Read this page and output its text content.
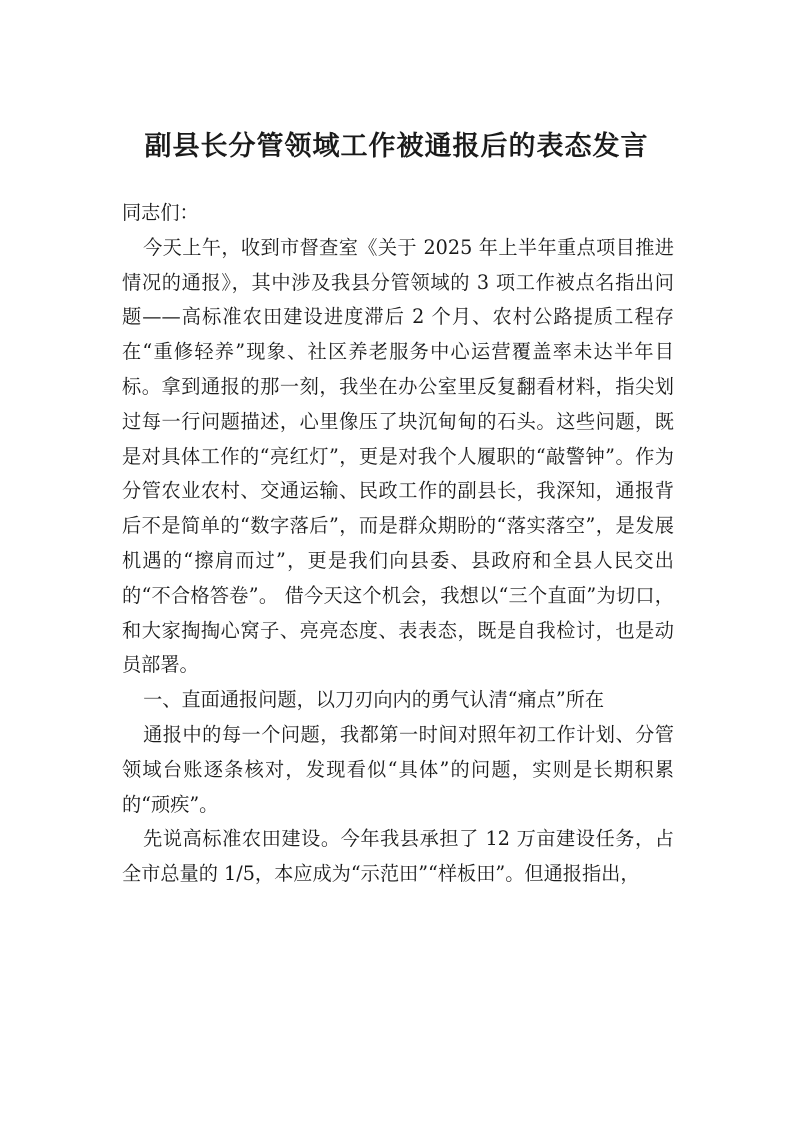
副县长分管领域工作被通报后的表态发言

同志们：

今天上午，收到市督查室《关于 2025 年上半年重点项目推进情况的通报》，其中涉及我县分管领域的 3 项工作被点名指出问题——高标准农田建设进度滞后 2 个月、农村公路提质工程存在“重修轻养”现象、社区养老服务中心运营覆盖率未达半年目标。拿到通报的那一刻，我坐在办公室里反复翻看材料，指尖划过每一行问题描述，心里像压了块沉甸甸的石头。这些问题，既是对具体工作的“亮红灯”，更是对我个人履职的“敲警钟”。作为分管农业农村、交通运输、民政工作的副县长，我深知，通报背后不是简单的“数字落后”，而是群众期盼的“落实落空”，是发展机遇的“擦肩而过”，更是我们向县委、县政府和全县人民交出的“不合格答卷”。 借今天这个机会，我想以“三个直面”为切口，和大家掏掏心窝子、亮亮态度、表表态，既是自我检讨，也是动员部署。

一、直面通报问题，以刀刃向内的勇气认清“痛点”所在

通报中的每一个问题，我都第一时间对照年初工作计划、分管领域台账逐条核对，发现看似“具体”的问题，实则是长期积累的“顽疾”。

先说高标准农田建设。今年我县承担了 12 万亩建设任务，占全市总量的 1/5，本应成为“示范田”“样板田”。但通报指出，
